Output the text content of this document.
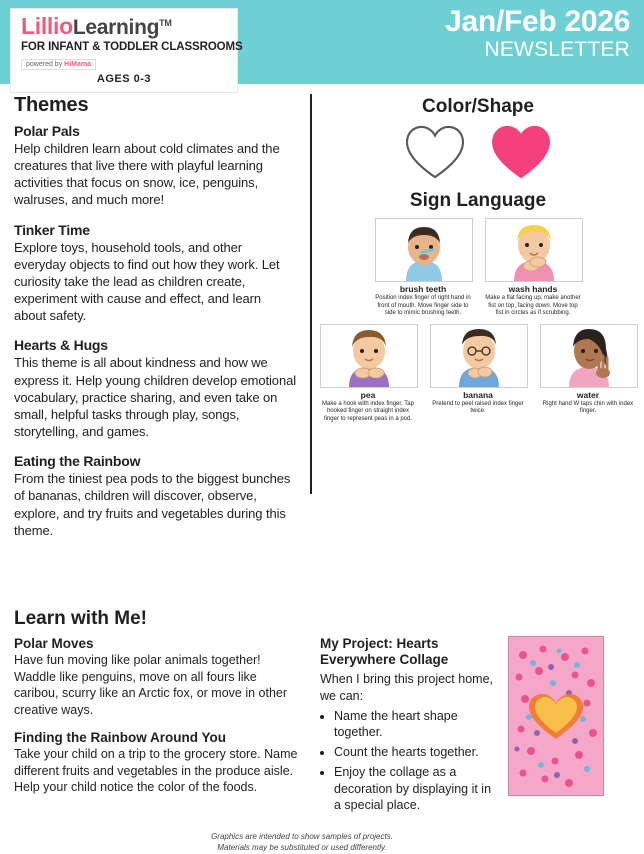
LillioLearning™
FOR INFANT & TODDLER CLASSROOMS
powered by HiMama
AGES 0-3
Jan/Feb 2026
NEWSLETTER
Themes
Polar Pals

Help children learn about cold climates and the creatures that live there with playful learning activities that focus on snow, ice, penguins, walruses, and much more!

Tinker Time

Explore toys, household tools, and other everyday objects to find out how they work. Let curiosity take the lead as children create, experiment with cause and effect, and learn about safety.

Hearts & Hugs

This theme is all about kindness and how we express it. Help young children develop emotional vocabulary, practice sharing, and even take on small, helpful tasks through play, songs, storytelling, and games.

Eating the Rainbow

From the tiniest pea pods to the biggest bunches of bananas, children will discover, observe, explore, and try fruits and vegetables during this theme.

Color/Shape
Sign Language
brush teeth
Position index finger of right hand in front of mouth. Move finger side to side to mimic brushing teeth.
wash hands
Make a flat facing up, make another fist on top, facing down. Move top fist in circles as if scrubbing.
pea
Make a hook with index finger. Tap hooked finger on straight index finger to represent peas in a pod.
banana
Pretend to peel raised index finger twice.
water
Right hand W taps chin with index finger.
Learn with Me!
Polar Moves

Have fun moving like polar animals together! Waddle like penguins, move on all fours like caribou, scurry like an Arctic fox, or move in other creative ways.

Finding the Rainbow Around You

Take your child on a trip to the grocery store. Name different fruits and vegetables in the produce aisle. Help your child notice the color of the foods.

My Project: Hearts Everywhere Collage

When I bring this project home, we can:

• Name the heart shape together.
• Count the hearts together.
• Enjoy the collage as a decoration by displaying it in a special place.
Graphics are intended to show samples of projects.
Materials may be substituted or used differently.
